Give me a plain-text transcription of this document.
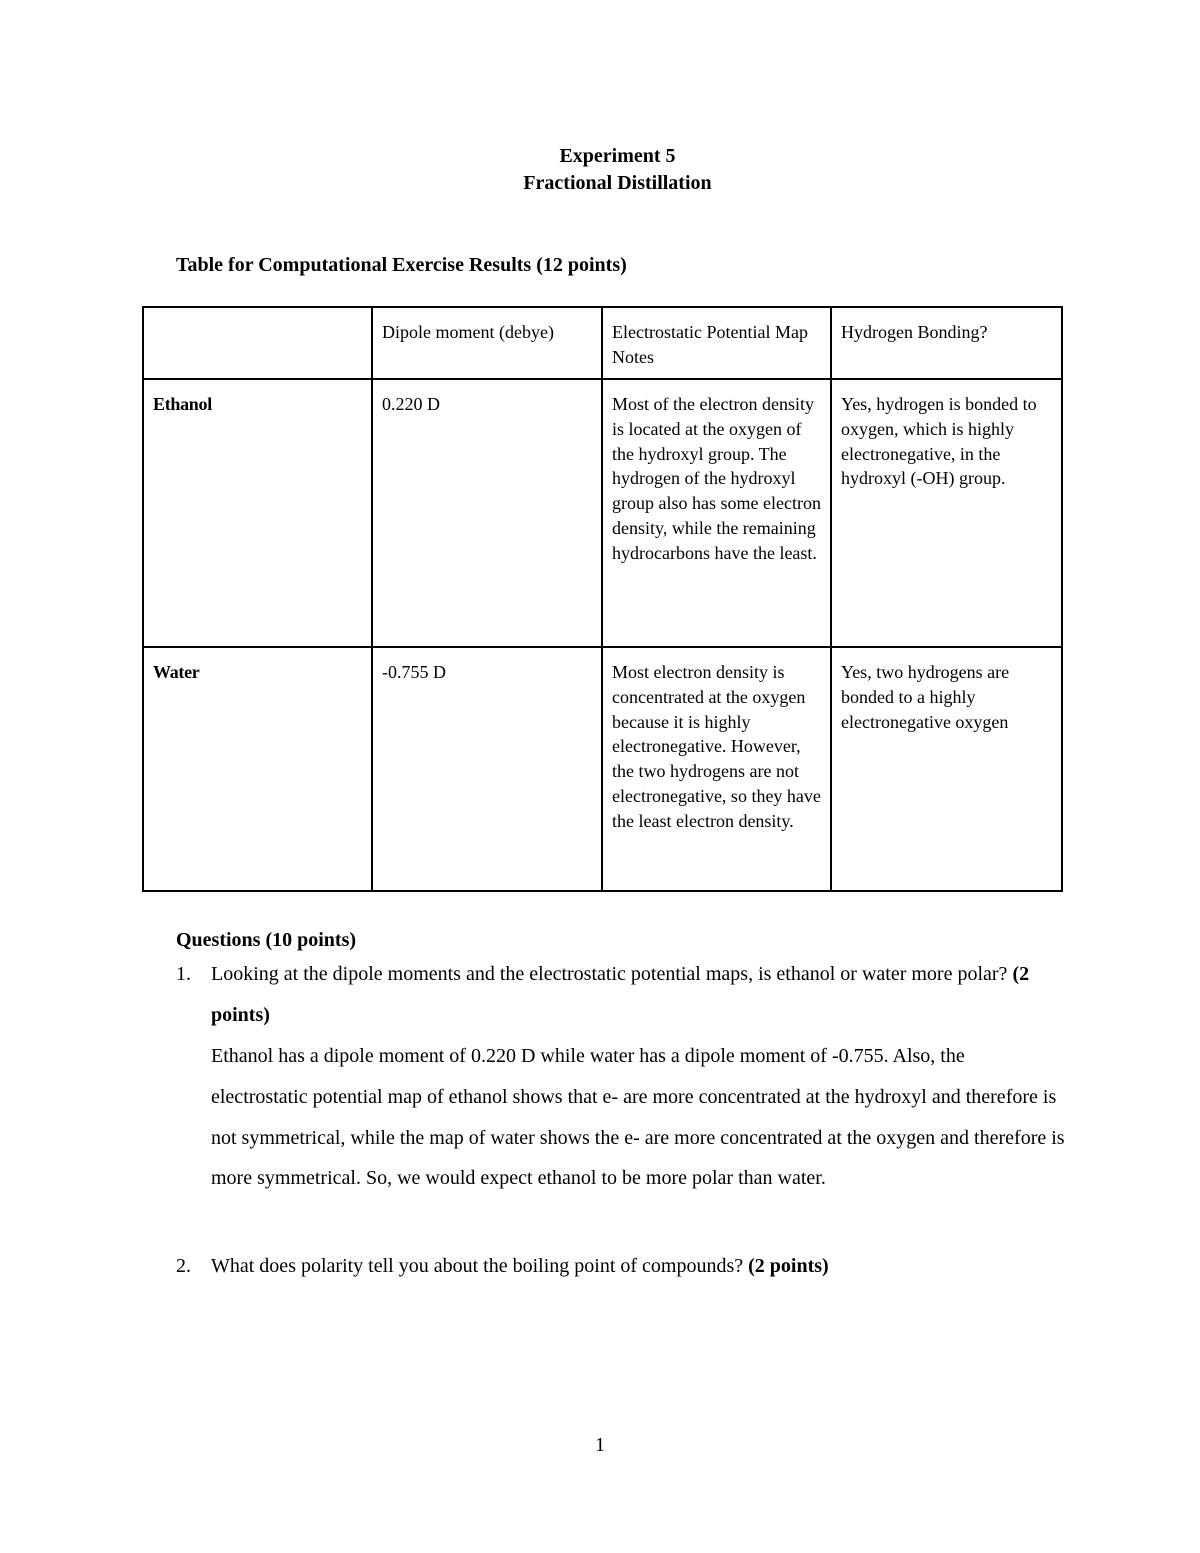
Experiment 5
Fractional Distillation
Table for Computational Exercise Results (12 points)
	Dipole moment (debye)	Electrostatic Potential Map Notes	Hydrogen Bonding?
Ethanol	0.220 D	Most of the electron density is located at the oxygen of the hydroxyl group. The hydrogen of the hydroxyl group also has some electron density, while the remaining hydrocarbons have the least.	Yes, hydrogen is bonded to oxygen, which is highly electronegative, in the hydroxyl (-OH) group.
Water	-0.755 D	Most electron density is concentrated at the oxygen because it is highly electronegative. However, the two hydrogens are not electronegative, so they have the least electron density.	Yes, two hydrogens are bonded to a highly electronegative oxygen
Questions (10 points)
1. Looking at the dipole moments and the electrostatic potential maps, is ethanol or water more polar? (2 points)
Ethanol has a dipole moment of 0.220 D while water has a dipole moment of -0.755. Also, the electrostatic potential map of ethanol shows that e- are more concentrated at the hydroxyl and therefore is not symmetrical, while the map of water shows the e- are more concentrated at the oxygen and therefore is more symmetrical. So, we would expect ethanol to be more polar than water.
2. What does polarity tell you about the boiling point of compounds? (2 points)
1
